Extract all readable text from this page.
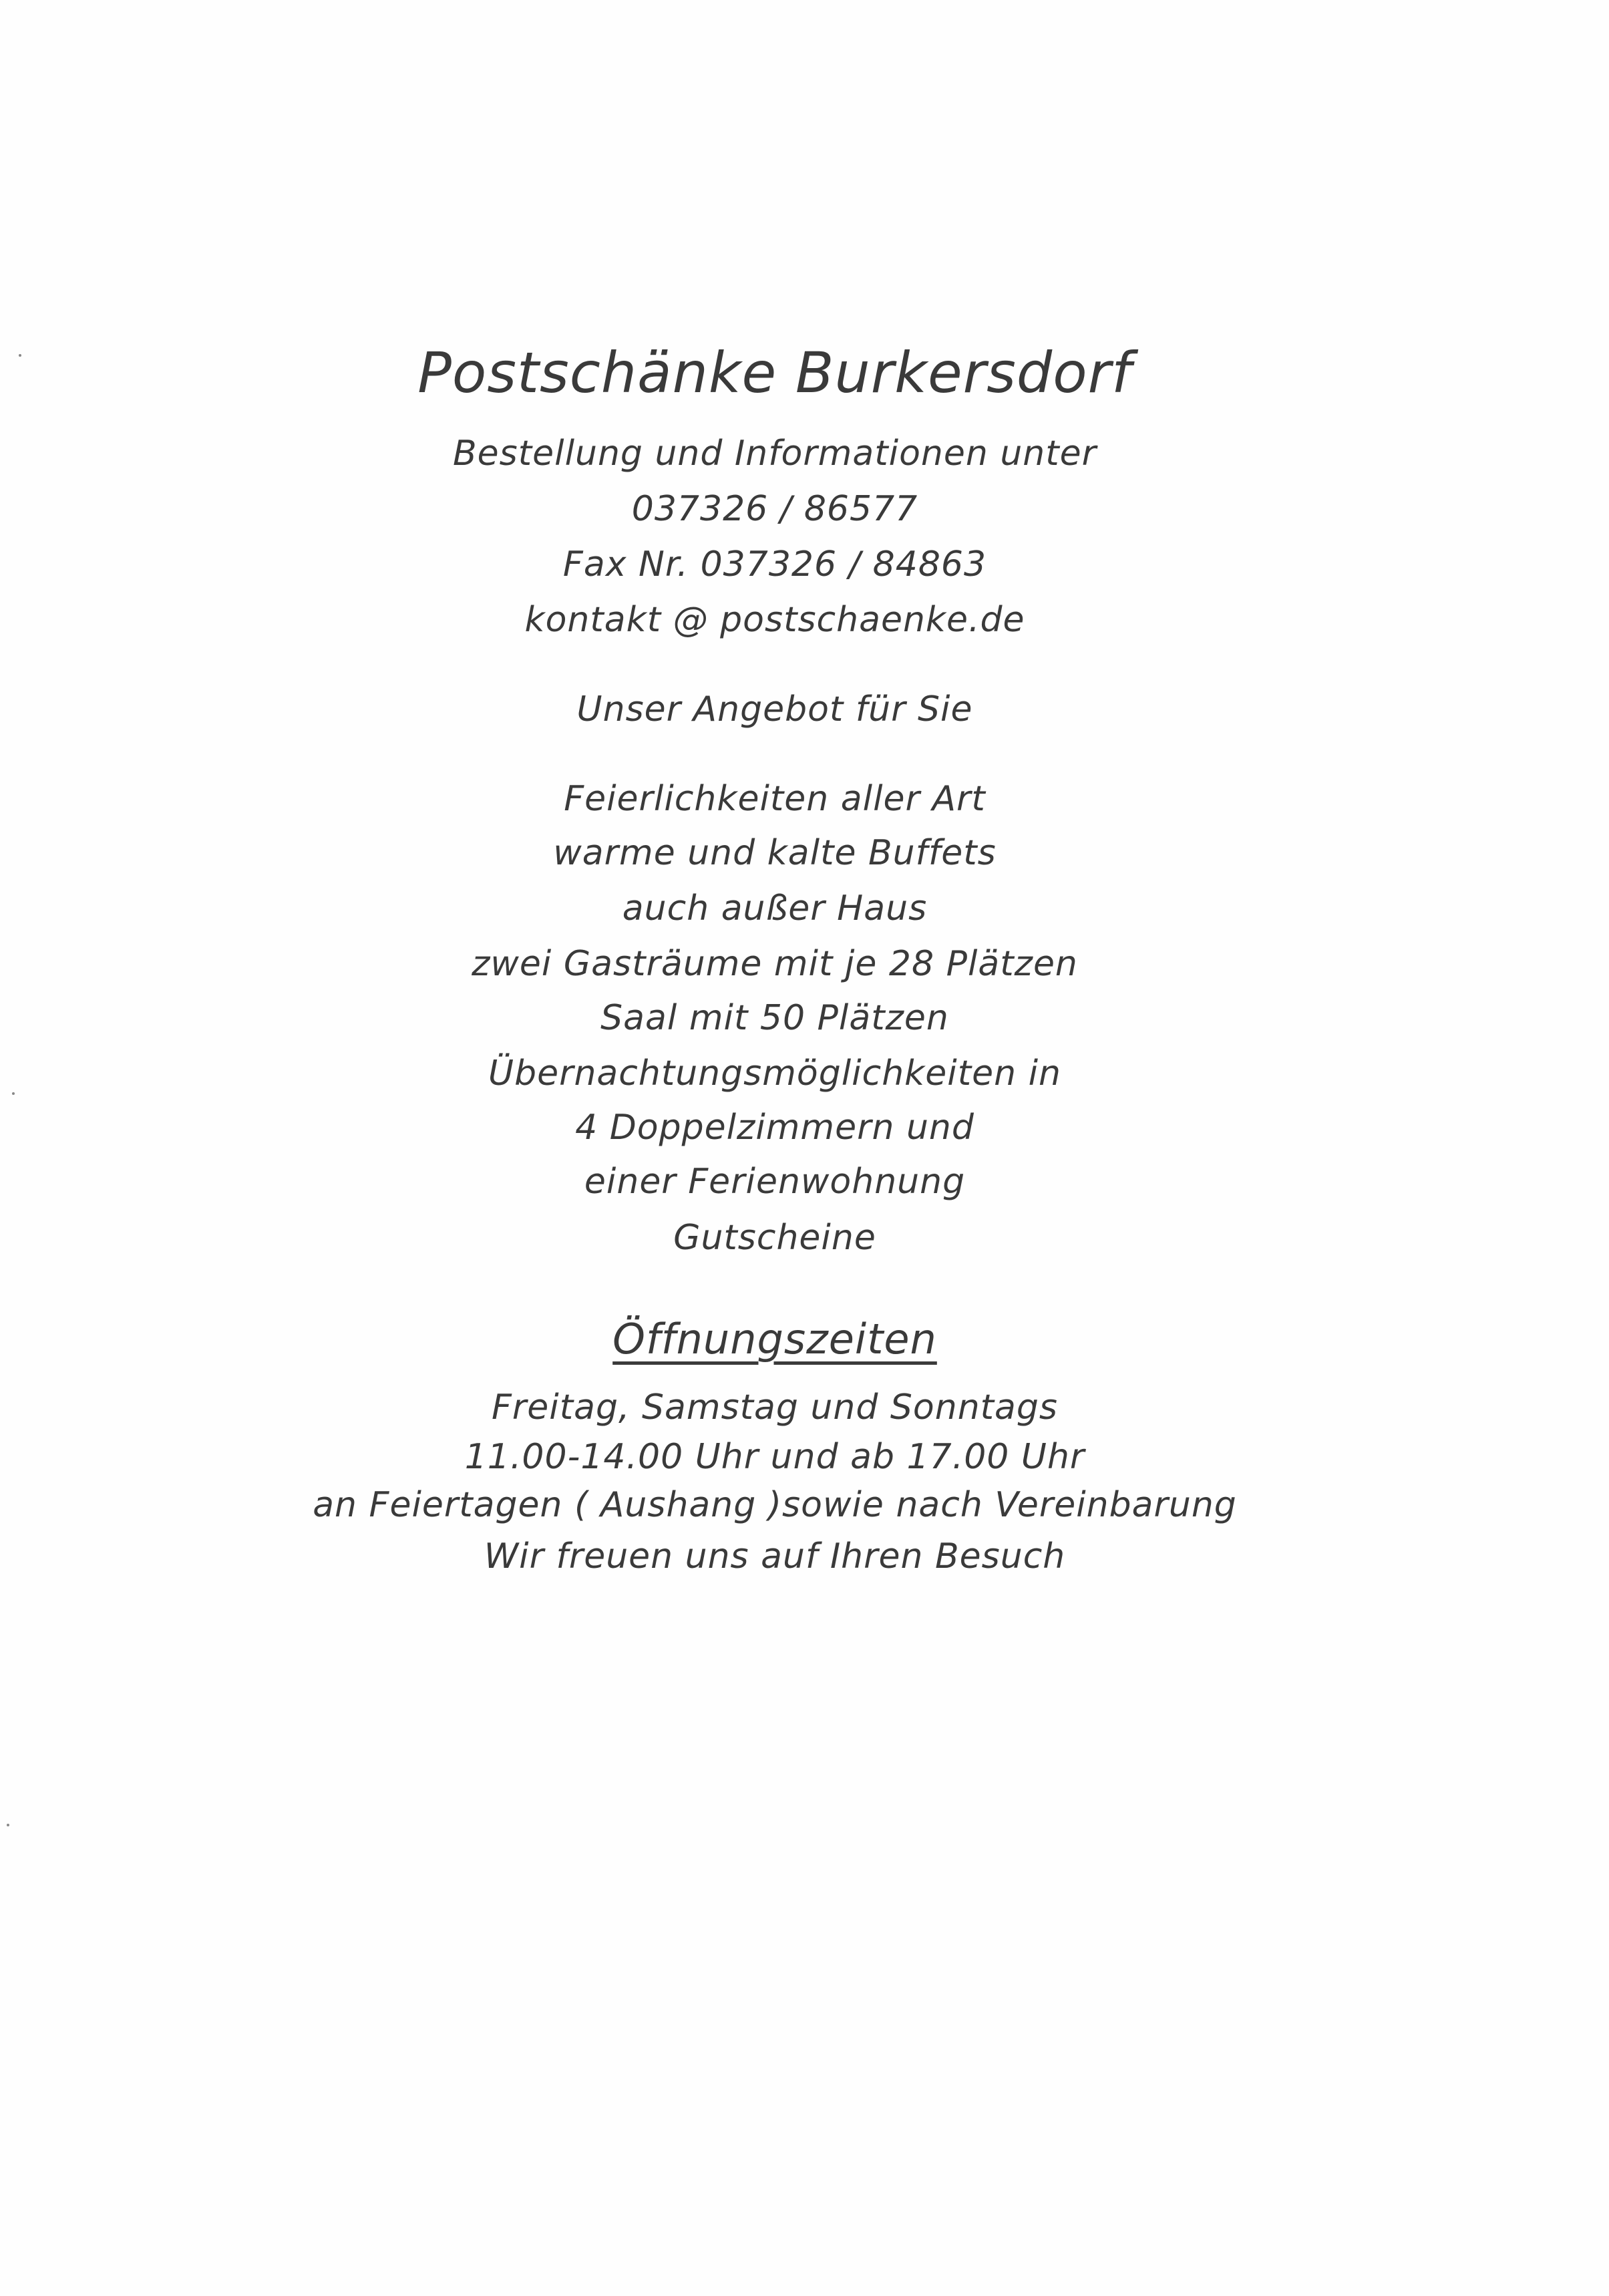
Postschänke Burkersdorf
Bestellung und Informationen unter
037326 / 86577
Fax Nr. 037326 / 84863
kontakt @ postschaenke.de
Unser Angebot für Sie
Feierlichkeiten aller Art
warme und kalte Buffets
auch außer Haus
zwei Gasträume mit je 28 Plätzen
Saal mit 50 Plätzen
Übernachtungsmöglichkeiten in
4 Doppelzimmern und
einer Ferienwohnung
Gutscheine
Öffnungszeiten
Freitag, Samstag und Sonntags
11.00-14.00 Uhr und ab 17.00 Uhr
an Feiertagen ( Aushang )sowie nach Vereinbarung
Wir freuen uns auf Ihren Besuch
